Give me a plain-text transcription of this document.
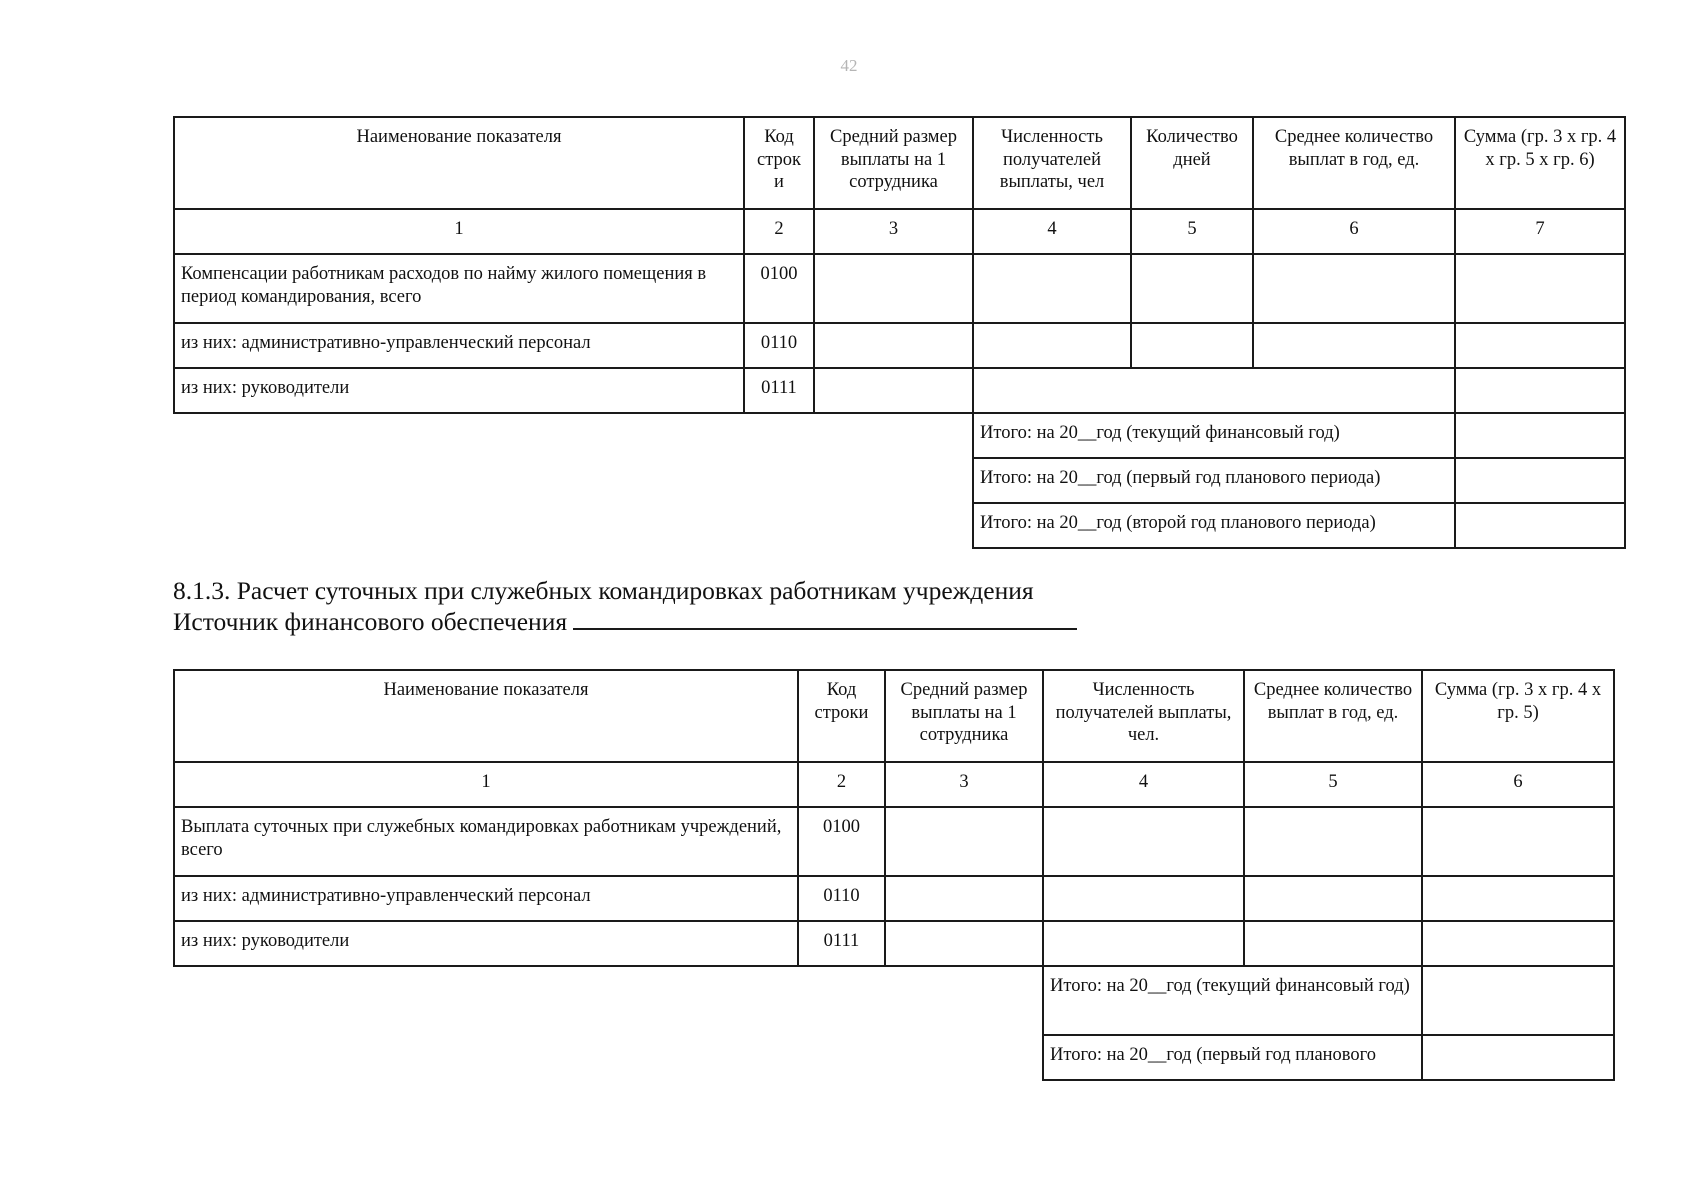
42
Наименование показателя	Код строк и	Средний размер выплаты на 1 сотрудника	Численность получателей выплаты, чел	Количество дней	Среднее количество выплат в год, ед.	Сумма (гр. 3 х гр. 4 х гр. 5 х гр. 6)
1	2	3	4	5	6	7
Компенсации работникам расходов по найму жилого помещения в период командирования, всего	0100					
из них: административно-управленческий персонал	0110					
из них: руководители	0111					
			Итого: на 20__год (текущий финансовый год)			
			Итого: на 20__год (первый год планового периода)			
			Итого: на 20__год (второй год планового периода)			
8.1.3. Расчет суточных при служебных командировках работникам учреждения
Источник финансового обеспечения
Наименование показателя	Код строки	Средний размер выплаты на 1 сотрудника	Численность получателей выплаты, чел.	Среднее количество выплат в год, ед.	Сумма (гр. 3 х гр. 4 х гр. 5)
1	2	3	4	5	6
Выплата суточных при служебных командировках работникам учреждений, всего	0100				
из них: административно-управленческий персонал	0110				
из них: руководители	0111				
			Итого: на 20__год (текущий финансовый год)		
			Итого: на 20__год (первый год планового		
